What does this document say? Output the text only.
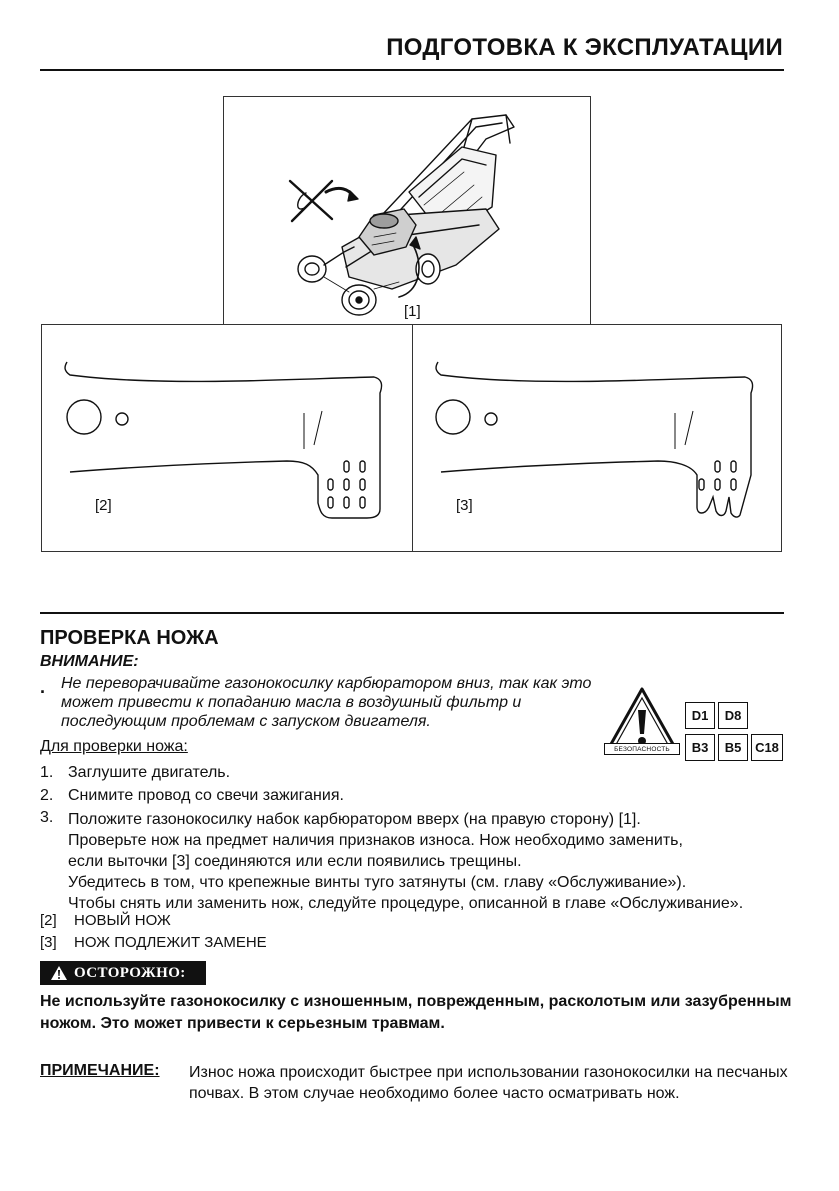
ПОДГОТОВКА К ЭКСПЛУАТАЦИИ
[1]
[2]	[3]
ПРОВЕРКА НОЖА
ВНИМАНИЕ:
. Не переворачивайте газонокосилку карбюратором вниз, так как это может привести к попаданию масла в воздушный фильтр и последующим проблемам с запуском двигателя.
БЕЗОПАСНОСТЬ
D1	D8
B3	B5	C18
Для проверки ножа:
1. Заглушите двигатель.
2. Снимите провод со свечи зажигания.
3. Положите газонокосилку набок карбюратором вверх (на правую сторону) [1].
Проверьте нож на предмет наличия признаков износа. Нож необходимо заменить,
если выточки [3] соединяются или если появились трещины.
Убедитесь в том, что крепежные винты туго затянуты (см. главу «Обслуживание»).
Чтобы снять или заменить нож, следуйте процедуре, описанной в главе «Обслуживание».
[2] НОВЫЙ НОЖ
[3] НОЖ ПОДЛЕЖИТ ЗАМЕНЕ
ОСТОРОЖНО:
Не используйте газонокосилку с изношенным, поврежденным, расколотым или зазубренным ножом. Это может привести к серьезным травмам.
ПРИМЕЧАНИЕ: Износ ножа происходит быстрее при использовании газонокосилки на песчаных почвах. В этом случае необходимо более часто осматривать нож.
